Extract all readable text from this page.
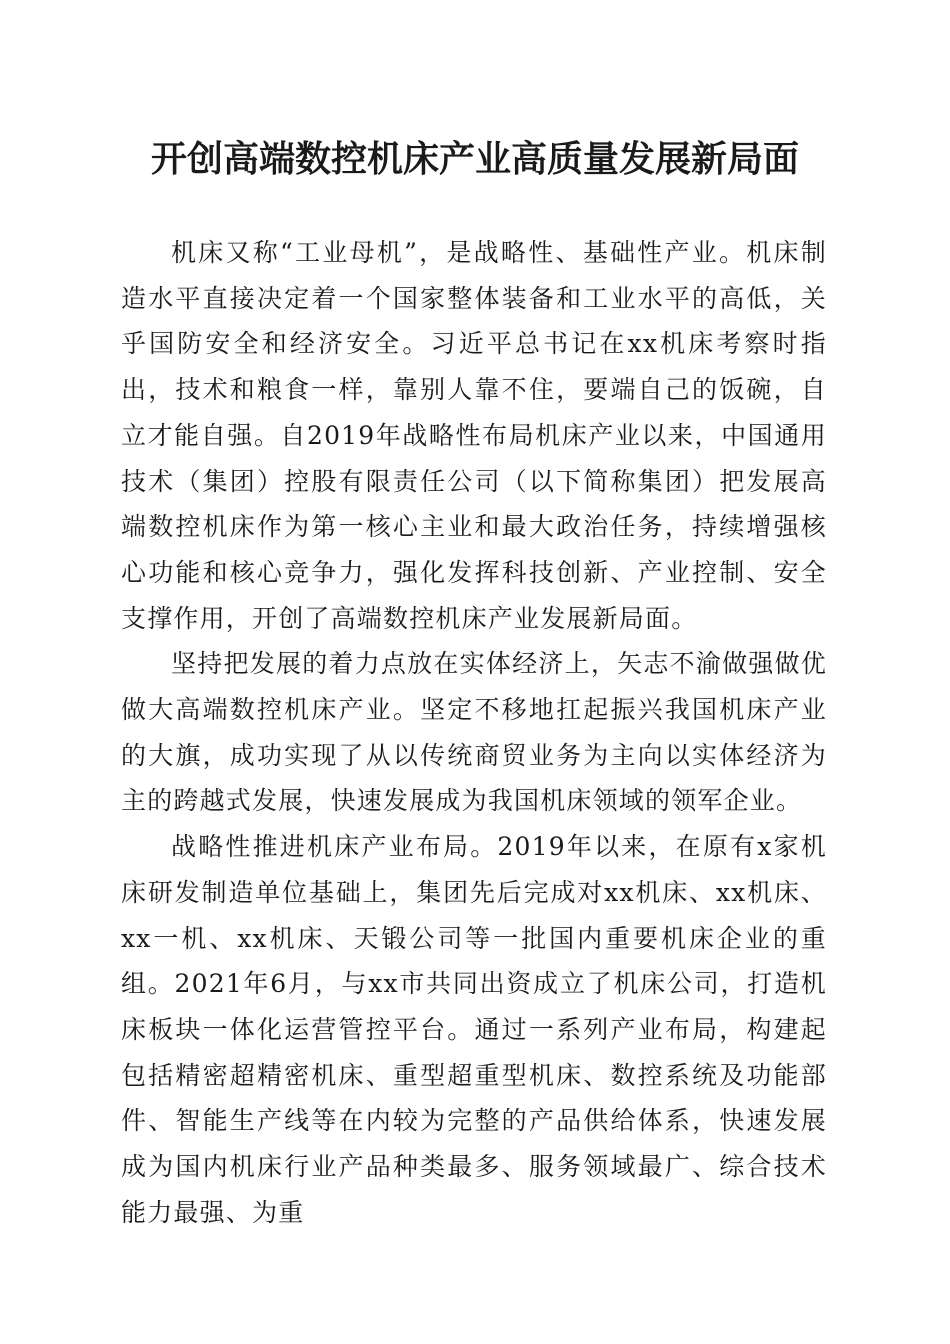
开创高端数控机床产业高质量发展新局面

机床又称“工业母机”，是战略性、基础性产业。机床制造水平直接决定着一个国家整体装备和工业水平的高低，关乎国防安全和经济安全。习近平总书记在xx机床考察时指出，技术和粮食一样，靠别人靠不住，要端自己的饭碗，自立才能自强。自2019年战略性布局机床产业以来，中国通用技术（集团）控股有限责任公司（以下简称集团）把发展高端数控机床作为第一核心主业和最大政治任务，持续增强核心功能和核心竞争力，强化发挥科技创新、产业控制、安全支撑作用，开创了高端数控机床产业发展新局面。

坚持把发展的着力点放在实体经济上，矢志不渝做强做优做大高端数控机床产业。坚定不移地扛起振兴我国机床产业的大旗，成功实现了从以传统商贸业务为主向以实体经济为主的跨越式发展，快速发展成为我国机床领域的领军企业。

战略性推进机床产业布局。2019年以来，在原有x家机床研发制造单位基础上，集团先后完成对xx机床、xx机床、xx一机、xx机床、天锻公司等一批国内重要机床企业的重组。2021年6月，与xx市共同出资成立了机床公司，打造机床板块一体化运营管控平台。通过一系列产业布局，构建起包括精密超精密机床、重型超重型机床、数控系统及功能部件、智能生产线等在内较为完整的产品供给体系，快速发展成为国内机床行业产品种类最多、服务领域最广、综合技术能力最强、为重
